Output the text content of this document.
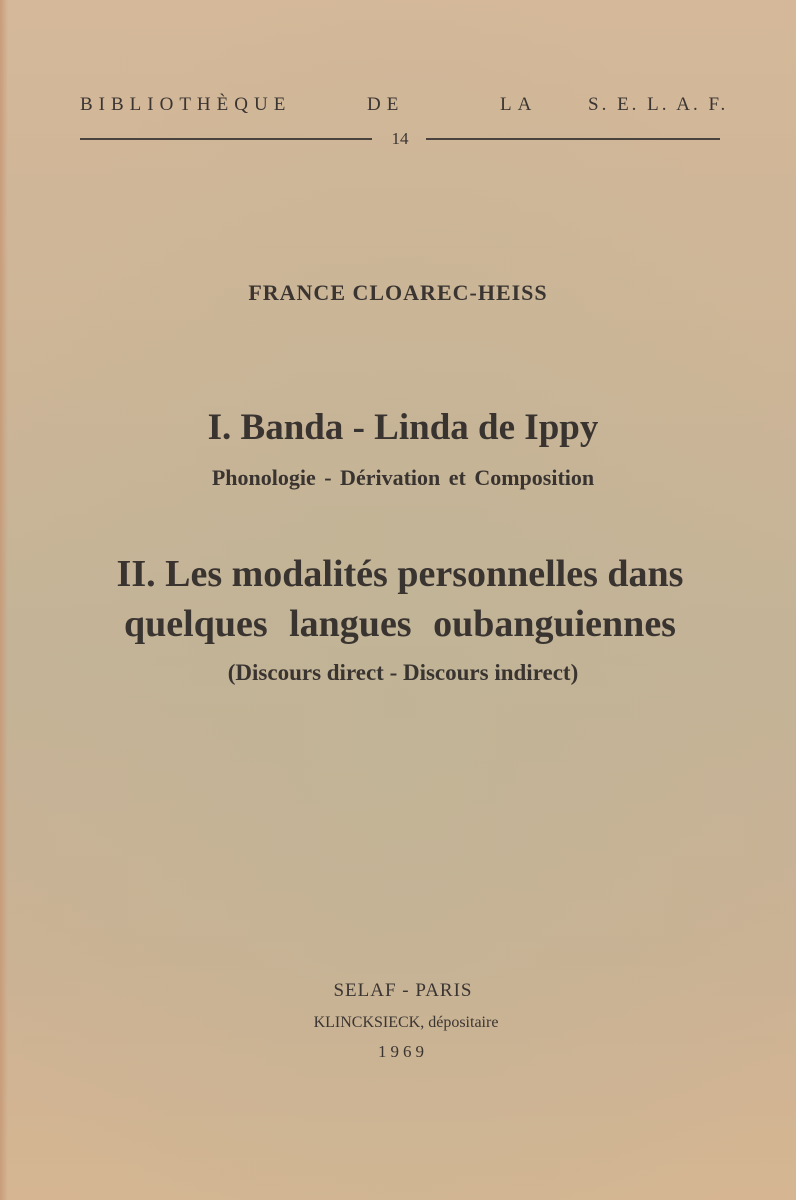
BIBLIOTHÈQUE	DE	LA	S. E. L. A. F.
14
FRANCE CLOAREC-HEISS
I. Banda - Linda de Ippy
Phonologie - Dérivation et Composition
II. Les modalités personnelles dans
quelques langues oubanguiennes
(Discours direct - Discours indirect)
SELAF - PARIS
KLINCKSIECK, dépositaire
1969
